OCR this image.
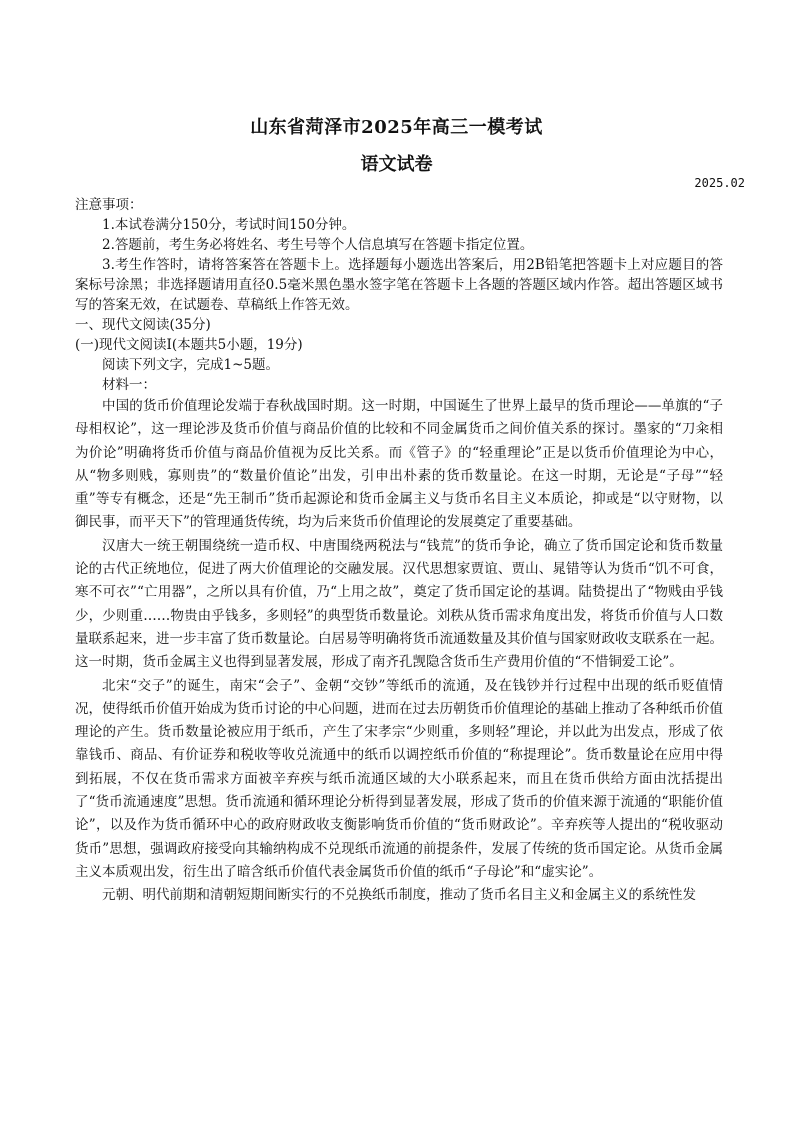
山东省菏泽市2025年高三一模考试
语文试卷
2025.02

注意事项：

1.本试卷满分150分，考试时间150分钟。

2.答题前，考生务必将姓名、考生号等个人信息填写在答题卡指定位置。

3.考生作答时，请将答案答在答题卡上。选择题每小题选出答案后，用2B铅笔把答题卡上对应题目的答案标号涂黑；非选择题请用直径0.5毫米黑色墨水签字笔在答题卡上各题的答题区域内作答。超出答题区域书写的答案无效，在试题卷、草稿纸上作答无效。

一、现代文阅读(35分)

(一)现代文阅读Ⅰ(本题共5小题，19分)

阅读下列文字，完成1~5题。

材料一：

中国的货币价值理论发端于春秋战国时期。这一时期，中国诞生了世界上最早的货币理论——单旗的“子母相权论”，这一理论涉及货币价值与商品价值的比较和不同金属货币之间价值关系的探讨。墨家的“刀籴相为价论”明确将货币价值与商品价值视为反比关系。而《管子》的“轻重理论”正是以货币价值理论为中心，从“物多则贱，寡则贵”的“数量价值论”出发，引申出朴素的货币数量论。在这一时期，无论是“子母”“轻重”等专有概念，还是“先王制币”货币起源论和货币金属主义与货币名目主义本质论，抑或是“以守财物，以御民事，而平天下”的管理通货传统，均为后来货币价值理论的发展奠定了重要基础。

汉唐大一统王朝围绕统一造币权、中唐围绕两税法与“钱荒”的货币争论，确立了货币国定论和货币数量论的古代正统地位，促进了两大价值理论的交融发展。汉代思想家贾谊、贾山、晁错等认为货币“饥不可食，寒不可衣”“亡用器”，之所以具有价值，乃“上用之故”，奠定了货币国定论的基调。陆贽提出了“物贱由乎钱少，少则重……物贵由乎钱多，多则轻”的典型货币数量论。刘秩从货币需求角度出发，将货币价值与人口数量联系起来，进一步丰富了货币数量论。白居易等明确将货币流通数量及其价值与国家财政收支联系在一起。这一时期，货币金属主义也得到显著发展，形成了南齐孔觊隐含货币生产费用价值的“不惜铜爱工论”。

北宋“交子”的诞生，南宋“会子”、金朝“交钞”等纸币的流通，及在钱钞并行过程中出现的纸币贬值情况，使得纸币价值开始成为货币讨论的中心问题，进而在过去历朝货币价值理论的基础上推动了各种纸币价值理论的产生。货币数量论被应用于纸币，产生了宋孝宗“少则重，多则轻”理论，并以此为出发点，形成了依靠钱币、商品、有价证券和税收等收兑流通中的纸币以调控纸币价值的“称提理论”。货币数量论在应用中得到拓展，不仅在货币需求方面被辛弃疾与纸币流通区域的大小联系起来，而且在货币供给方面由沈括提出了“货币流通速度”思想。货币流通和循环理论分析得到显著发展，形成了货币的价值来源于流通的“职能价值论”，以及作为货币循环中心的政府财政收支衡影响货币价值的“货币财政论”。辛弃疾等人提出的“税收驱动货币”思想，强调政府接受向其输纳构成不兑现纸币流通的前提条件，发展了传统的货币国定论。从货币金属主义本质观出发，衍生出了暗含纸币价值代表金属货币价值的纸币“子母论”和“虚实论”。

元朝、明代前期和清朝短期间断实行的不兑换纸币制度，推动了货币名目主义和金属主义的系统性发
